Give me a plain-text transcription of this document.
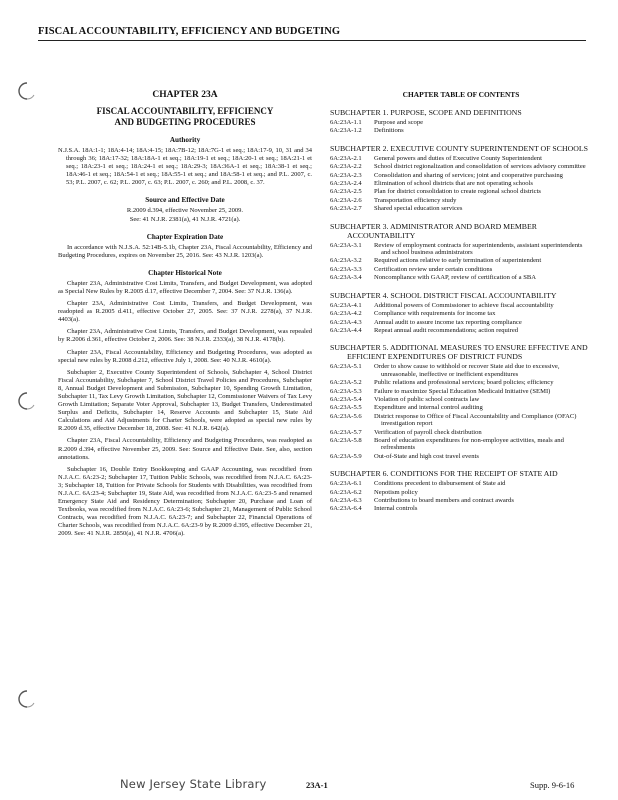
FISCAL ACCOUNTABILITY, EFFICIENCY AND BUDGETING
CHAPTER 23A
FISCAL ACCOUNTABILITY, EFFICIENCY
AND BUDGETING PROCEDURES
Authority
N.J.S.A. 18A:1-1; 18A:4-14; 18A:4-15; 18A:7B-12; 18A:7G-1 et seq.; 18A:17-9, 10, 31 and 34 through 36; 18A:17-32; 18A:18A-1 et seq.; 18A:19-1 et seq.; 18A:20-1 et seq.; 18A:21-1 et seq.; 18A:23-1 et seq.; 18A:24-1 et seq.; 18A:29-3; 18A:36A-1 et seq.; 18A:38-1 et seq.; 18A:46-1 et seq.; 18A:54-1 et seq.; 18A:55-1 et seq.; and 18A:58-1 et seq.; and P.L. 2007, c. 53; P.L. 2007, c. 62; P.L. 2007, c. 63; P.L. 2007, c. 260; and P.L. 2008, c. 37.
Source and Effective Date
R.2009 d.394, effective November 25, 2009.
See: 41 N.J.R. 2381(a), 41 N.J.R. 4721(a).
Chapter Expiration Date
In accordance with N.J.S.A. 52:14B-5.1b, Chapter 23A, Fiscal Accountability, Efficiency and Budgeting Procedures, expires on November 25, 2016. See: 43 N.J.R. 1203(a).
Chapter Historical Note
Chapter 23A, Administrative Cost Limits, Transfers, and Budget Development, was adopted as Special New Rules by R.2005 d.17, effective December 7, 2004. See: 37 N.J.R. 136(a).
Chapter 23A, Administrative Cost Limits, Transfers, and Budget Development, was readopted as R.2005 d.411, effective October 27, 2005. See: 37 N.J.R. 2278(a), 37 N.J.R. 4403(a).
Chapter 23A, Administrative Cost Limits, Transfers, and Budget Development, was repealed by R.2006 d.361, effective October 2, 2006. See: 38 N.J.R. 2333(a), 38 N.J.R. 4178(b).
Chapter 23A, Fiscal Accountability, Efficiency and Budgeting Procedures, was adopted as special new rules by R.2008 d.212, effective July 1, 2008. See: 40 N.J.R. 4610(a).
Subchapter 2, Executive County Superintendent of Schools, Subchapter 4, School District Fiscal Accountability, Subchapter 7, School District Travel Policies and Procedures, Subchapter 8, Annual Budget Development and Submission, Subchapter 10, Spending Growth Limitation, Subchapter 11, Tax Levy Growth Limitation, Subchapter 12, Commissioner Waivers of Tax Levy Growth Limitation; Separate Voter Approval, Subchapter 13, Budget Transfers, Underestimated Surplus and Deficits, Subchapter 14, Reserve Accounts and Subchapter 15, State Aid Calculations and Aid Adjustments for Charter Schools, were adopted as special new rules by R.2009 d.35, effective December 18, 2008. See: 41 N.J.R. 642(a).
Chapter 23A, Fiscal Accountability, Efficiency and Budgeting Procedures, was readopted as R.2009 d.394, effective November 25, 2009. See: Source and Effective Date. See, also, section annotations.
Subchapter 16, Double Entry Bookkeeping and GAAP Accounting, was recodified from N.J.A.C. 6A:23-2; Subchapter 17, Tuition Public Schools, was recodified from N.J.A.C. 6A:23-3; Subchapter 18, Tuition for Private Schools for Students with Disabilities, was recodified from N.J.A.C. 6A:23-4; Subchapter 19, State Aid, was recodified from N.J.A.C. 6A:23-5 and renamed Emergency State Aid and Residency Determination; Subchapter 20, Purchase and Loan of Textbooks, was recodified from N.J.A.C. 6A:23-6; Subchapter 21, Management of Public School Contracts, was recodified from N.J.A.C. 6A:23-7; and Subchapter 22, Financial Operations of Charter Schools, was recodified from N.J.A.C. 6A:23-9 by R.2009 d.395, effective December 21, 2009. See: 41 N.J.R. 2850(a), 41 N.J.R. 4706(a).
CHAPTER TABLE OF CONTENTS
SUBCHAPTER 1. PURPOSE, SCOPE AND DEFINITIONS
6A:23A-1.1	Purpose and scope
6A:23A-1.2	Definitions
SUBCHAPTER 2. EXECUTIVE COUNTY SUPERINTENDENT OF SCHOOLS
6A:23A-2.1	General powers and duties of Executive County Superintendent
6A:23A-2.2	School district regionalization and consolidation of services advisory committee
6A:23A-2.3	Consolidation and sharing of services; joint and cooperative purchasing
6A:23A-2.4	Elimination of school districts that are not operating schools
6A:23A-2.5	Plan for district consolidation to create regional school districts
6A:23A-2.6	Transportation efficiency study
6A:23A-2.7	Shared special education services
SUBCHAPTER 3. ADMINISTRATOR AND BOARD MEMBER ACCOUNTABILITY
6A:23A-3.1	Review of employment contracts for superintendents, assistant superintendents and school business administrators
6A:23A-3.2	Required actions relative to early termination of superintendent
6A:23A-3.3	Certification review under certain conditions
6A:23A-3.4	Noncompliance with GAAP, review of certification of a SBA
SUBCHAPTER 4. SCHOOL DISTRICT FISCAL ACCOUNTABILITY
6A:23A-4.1	Additional powers of Commissioner to achieve fiscal accountability
6A:23A-4.2	Compliance with requirements for income tax
6A:23A-4.3	Annual audit to assure income tax reporting compliance
6A:23A-4.4	Repeat annual audit recommendations; action required
SUBCHAPTER 5. ADDITIONAL MEASURES TO ENSURE EFFECTIVE AND EFFICIENT EXPENDITURES OF DISTRICT FUNDS
6A:23A-5.1	Order to show cause to withhold or recover State aid due to excessive, unreasonable, ineffective or inefficient expenditures
6A:23A-5.2	Public relations and professional services; board policies; efficiency
6A:23A-5.3	Failure to maximize Special Education Medicaid Initiative (SEMI)
6A:23A-5.4	Violation of public school contracts law
6A:23A-5.5	Expenditure and internal control auditing
6A:23A-5.6	District response to Office of Fiscal Accountability and Compliance (OFAC) investigation report
6A:23A-5.7	Verification of payroll check distribution
6A:23A-5.8	Board of education expenditures for non-employee activities, meals and refreshments
6A:23A-5.9	Out-of-State and high cost travel events
SUBCHAPTER 6. CONDITIONS FOR THE RECEIPT OF STATE AID
6A:23A-6.1	Conditions precedent to disbursement of State aid
6A:23A-6.2	Nepotism policy
6A:23A-6.3	Contributions to board members and contract awards
6A:23A-6.4	Internal controls
New Jersey State Library	23A-1	Supp. 9-6-16
